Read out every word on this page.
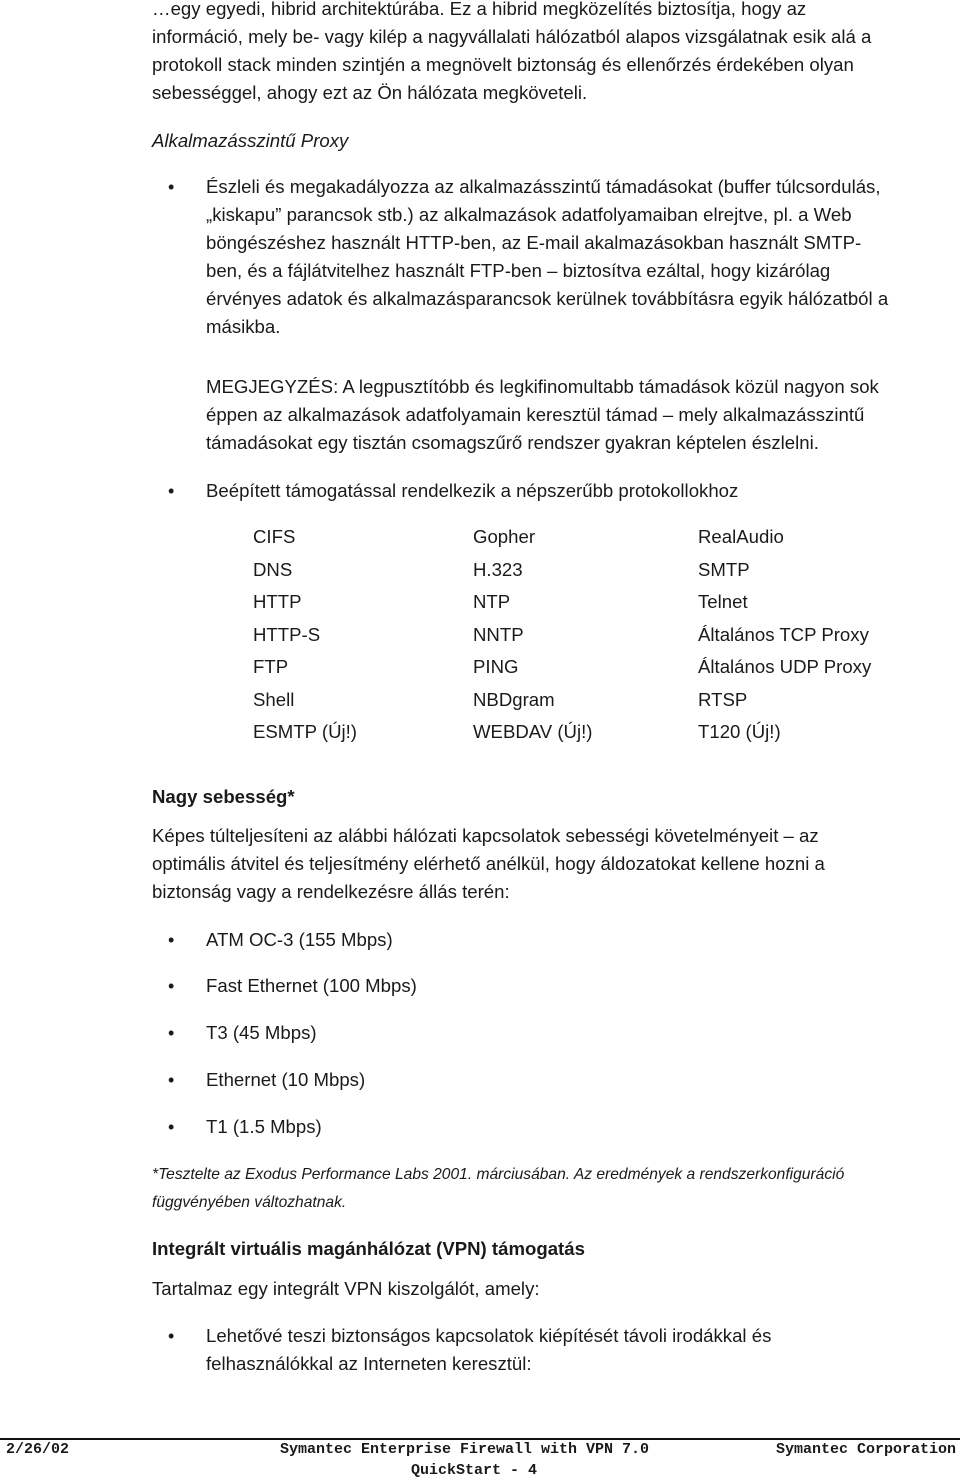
…egy egyedi, hibrid architektúrába. Ez a hibrid megközelítés biztosítja, hogy az
információ, mely be- vagy kilép a nagyvállalati hálózatból alapos vizsgálatnak esik alá a
protokoll stack minden szintjén a megnövelt biztonság és ellenőrzés érdekében olyan
sebességgel, ahogy ezt az Ön hálózata megköveteli.
Alkalmazásszintű Proxy
• Észleli és megakadályozza az alkalmazásszintű támadásokat (buffer túlcsordulás,
„kiskapu” parancsok stb.) az alkalmazások adatfolyamaiban elrejtve, pl. a Web
böngészéshez használt HTTP-ben, az E-mail akalmazásokban használt SMTP-
ben, és a fájlátvitelhez használt FTP-ben – biztosítva ezáltal, hogy kizárólag
érvényes adatok és alkalmazásparancsok kerülnek továbbításra egyik hálózatból a
másikba.
MEGJEGYZÉS: A legpusztítóbb és legkifinomultabb támadások közül nagyon sok
éppen az alkalmazások adatfolyamain keresztül támad – mely alkalmazásszintű
támadásokat egy tisztán csomagszűrő rendszer gyakran képtelen észlelni.
• Beépített támogatással rendelkezik a népszerűbb protokollokhoz
CIFS	Gopher	RealAudio
DNS	H.323	SMTP
HTTP	NTP	Telnet
HTTP-S	NNTP	Általános TCP Proxy
FTP	PING	Általános UDP Proxy
Shell	NBDgram	RTSP
ESMTP (Új!)	WEBDAV (Új!)	T120 (Új!)
Nagy sebesség*
Képes túlteljesíteni az alábbi hálózati kapcsolatok sebességi követelményeit – az
optimális átvitel és teljesítmény elérhető anélkül, hogy áldozatokat kellene hozni a
biztonság vagy a rendelkezésre állás terén:
• ATM OC-3 (155 Mbps)
• Fast Ethernet (100 Mbps)
• T3 (45 Mbps)
• Ethernet (10 Mbps)
• T1 (1.5 Mbps)
*Tesztelte az Exodus Performance Labs 2001. márciusában. Az eredmények a rendszerkonfiguráció
függvényében változhatnak.
Integrált virtuális magánhálózat (VPN) támogatás
Tartalmaz egy integrált VPN kiszolgálót, amely:
• Lehetővé teszi biztonságos kapcsolatok kiépítését távoli irodákkal és
felhasználókkal az Interneten keresztül:
2/26/02	Symantec Enterprise Firewall with VPN 7.0	Symantec Corporation
QuickStart - 4
